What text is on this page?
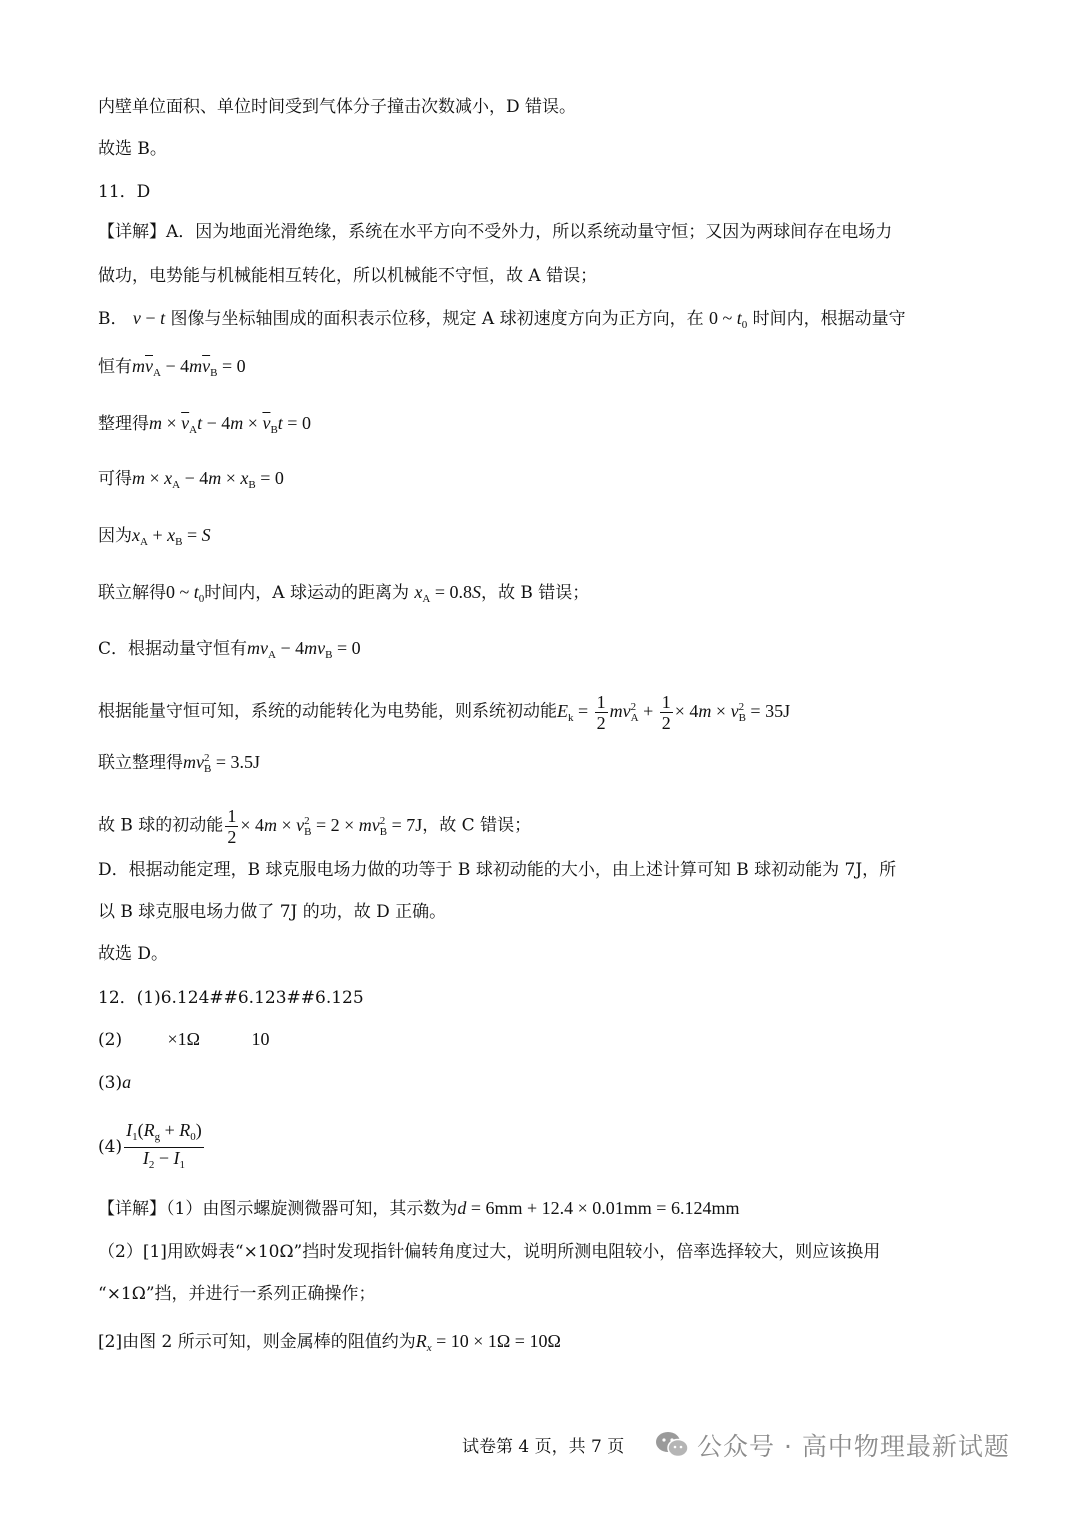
内壁单位面积、单位时间受到气体分子撞击次数减小，D 错误。
故选 B。
11．D
【详解】A．因为地面光滑绝缘，系统在水平方向不受外力，所以系统动量守恒；又因为两球间存在电场力
做功，电势能与机械能相互转化，所以机械能不守恒，故 A 错误；
B． v − t 图像与坐标轴围成的面积表示位移，规定 A 球初速度方向为正方向，在 0 ~ $t_0$ 时间内，根据动量守
恒有$m\overline{v}_A - 4m\overline{v}_B = 0$
整理得$m \times \overline{v}_At - 4m \times \overline{v}_Bt = 0$
可得$m \times x_A - 4m \times x_B = 0$
因为$x_A + x_B = S$
联立解得0 ~ $t_0$时间内，A 球运动的距离为 $x_A = 0.8S$，故 B 错误；
C．根据动量守恒有$mv_A - 4mv_B = 0$
根据能量守恒可知，系统的动能转化为电势能，则系统初动能$E_k = \frac{1}{2} mv2$
$A + \frac{1}{2} \times 4m \times v2$
B = 35J
联立整理得mv2
B = 3.5J
故 B 球的初动能 $\frac{1}{2} \times 4m \times v2$
B = 2 × mv2
B = 7J，故 C 错误；
D．根据动能定理，B 球克服电场力做的功等于 B 球初动能的大小，由上述计算可知 B 球初动能为 7J，所
以 B 球克服电场力做了 7J 的功，故 D 正确。
故选 D。
12．(1)6.124##6.123##6.125
(2)	×1Ω	10
(3)a
$(4) \frac{I_1(R_g + R_0)}{I_2 - I_1}$
【详解】（1）由图示螺旋测微器可知，其示数为d = 6mm + 12.4 × 0.01mm = 6.124mm
（2）[1]用欧姆表“×10Ω”挡时发现指针偏转角度过大，说明所测电阻较小，倍率选择较大，则应该换用
“×1Ω”挡，并进行一系列正确操作；
[2]由图 2 所示可知，则金属棒的阻值约为$R_x = 10 \times 1\Omega = 10\Omega$
试卷第 4 页，共 7 页	公众号 · 高中物理最新试题
